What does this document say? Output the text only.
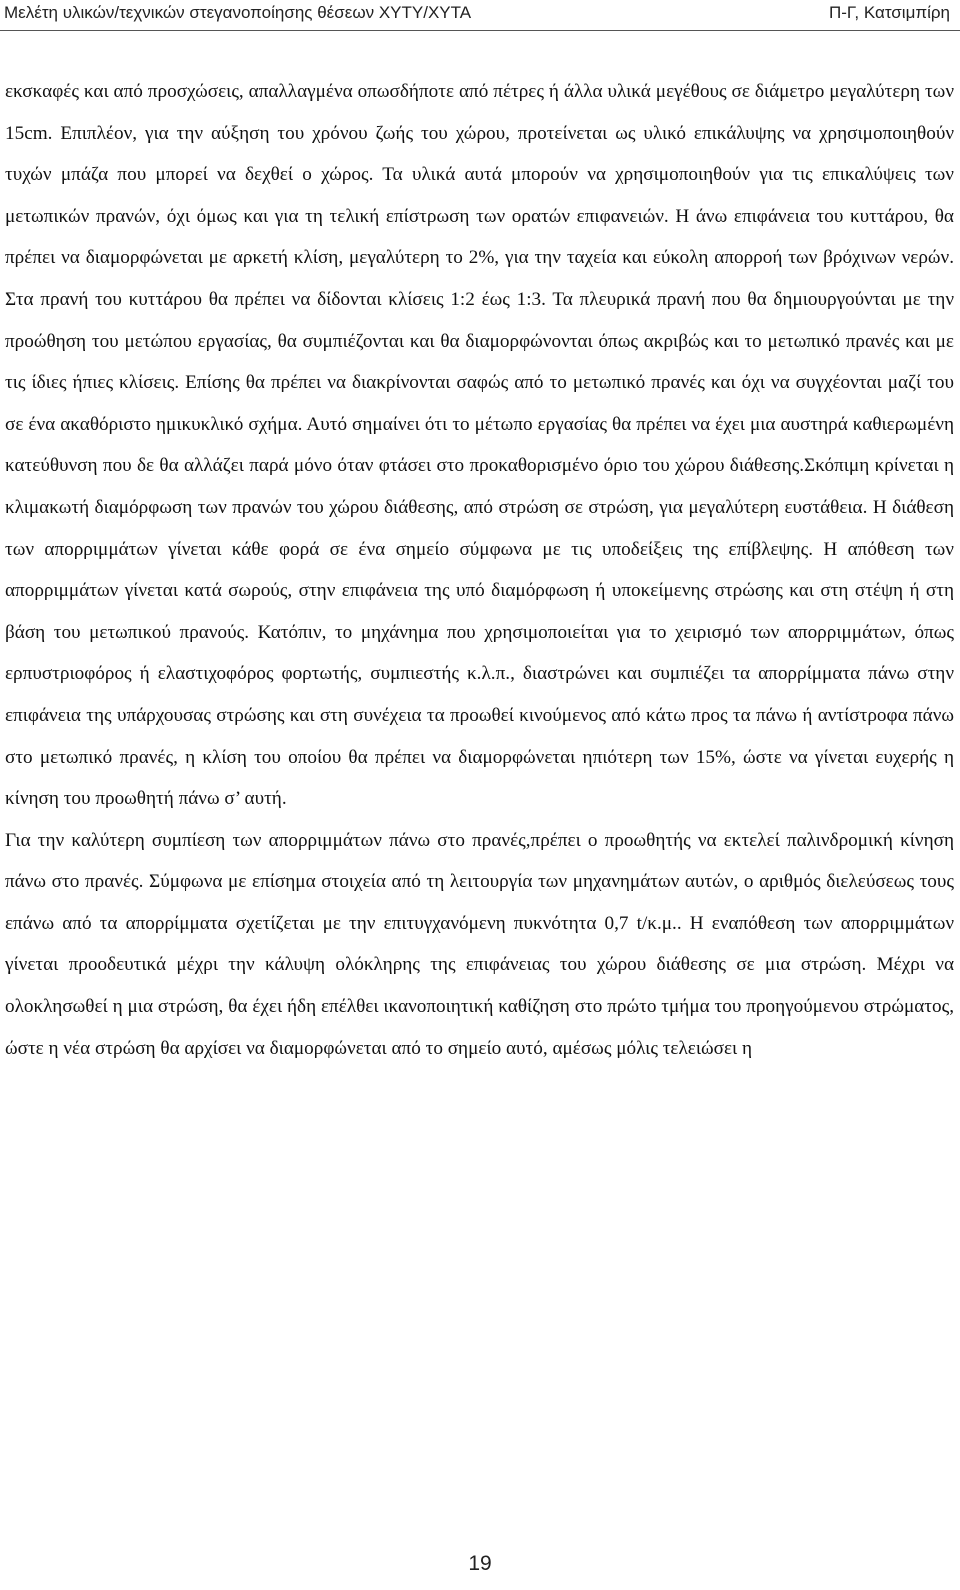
Μελέτη υλικών/τεχνικών στεγανοποίησης θέσεων ΧΥΤΥ/ΧΥΤΑ	Π-Γ, Κατσιμπίρη

εκσκαφές και από προσχώσεις, απαλλαγμένα οπωσδήποτε από πέτρες ή άλλα υλικά μεγέθους σε διάμετρο μεγαλύτερη των 15cm. Επιπλέον, για την αύξηση του χρόνου ζωής του χώρου, προτείνεται ως υλικό επικάλυψης να χρησιμοποιηθούν τυχών μπάζα που μπορεί να δεχθεί ο χώρος. Τα υλικά αυτά μπορούν να χρησιμοποιηθούν για τις επικαλύψεις των μετωπικών πρανών, όχι όμως και για τη τελική επίστρωση των ορατών επιφανειών. Η άνω επιφάνεια του κυττάρου, θα πρέπει να διαμορφώνεται με αρκετή κλίση, μεγαλύτερη το 2%, για την ταχεία και εύκολη απορροή των βρόχινων νερών. Στα πρανή του κυττάρου θα πρέπει να δίδονται κλίσεις 1:2 έως 1:3. Τα πλευρικά πρανή που θα δημιουργούνται με την προώθηση του μετώπου εργασίας, θα συμπιέζονται και θα διαμορφώνονται όπως ακριβώς και το μετωπικό πρανές και με τις ίδιες ήπιες κλίσεις. Επίσης θα πρέπει να διακρίνονται σαφώς από το μετωπικό πρανές και όχι να συγχέονται μαζί του σε ένα ακαθόριστο ημικυκλικό σχήμα. Αυτό σημαίνει ότι το μέτωπο εργασίας θα πρέπει να έχει μια αυστηρά καθιερωμένη κατεύθυνση που δε θα αλλάζει παρά μόνο όταν φτάσει στο προκαθορισμένο όριο του χώρου διάθεσης.Σκόπιμη κρίνεται η κλιμακωτή διαμόρφωση των πρανών του χώρου διάθεσης, από στρώση σε στρώση, για μεγαλύτερη ευστάθεια. Η διάθεση των απορριμμάτων γίνεται κάθε φορά σε ένα σημείο σύμφωνα με τις υποδείξεις της επίβλεψης. Η απόθεση των απορριμμάτων γίνεται κατά σωρούς, στην επιφάνεια της υπό διαμόρφωση ή υποκείμενης στρώσης και στη στέψη ή στη βάση του μετωπικού πρανούς. Κατόπιν, το μηχάνημα που χρησιμοποιείται για το χειρισμό των απορριμμάτων, όπως ερπυστριοφόρος ή ελαστιχοφόρος φορτωτής, συμπιεστής κ.λ.π., διαστρώνει και συμπιέζει τα απορρίμματα πάνω στην επιφάνεια της υπάρχουσας στρώσης και στη συνέχεια τα προωθεί κινούμενος από κάτω προς τα πάνω ή αντίστροφα πάνω στο μετωπικό πρανές, η κλίση του οποίου θα πρέπει να διαμορφώνεται ηπιότερη των 15%, ώστε να γίνεται ευχερής η κίνηση του προωθητή πάνω σ’ αυτή.

Για την καλύτερη συμπίεση των απορριμμάτων πάνω στο πρανές,πρέπει ο προωθητής να εκτελεί παλινδρομική κίνηση πάνω στο πρανές. Σύμφωνα με επίσημα στοιχεία από τη λειτουργία των μηχανημάτων αυτών, ο αριθμός διελεύσεως τους επάνω από τα απορρίμματα σχετίζεται με την επιτυγχανόμενη πυκνότητα 0,7 t/κ.μ.. Η εναπόθεση των απορριμμάτων γίνεται προοδευτικά μέχρι την κάλυψη ολόκληρης της επιφάνειας του χώρου διάθεσης σε μια στρώση. Μέχρι να ολοκλησωθεί η μια στρώση, θα έχει ήδη επέλθει ικανοποιητική καθίζηση στο πρώτο τμήμα του προηγούμενου στρώματος, ώστε η νέα στρώση θα αρχίσει να διαμορφώνεται από το σημείο αυτό, αμέσως μόλις τελειώσει η

19
